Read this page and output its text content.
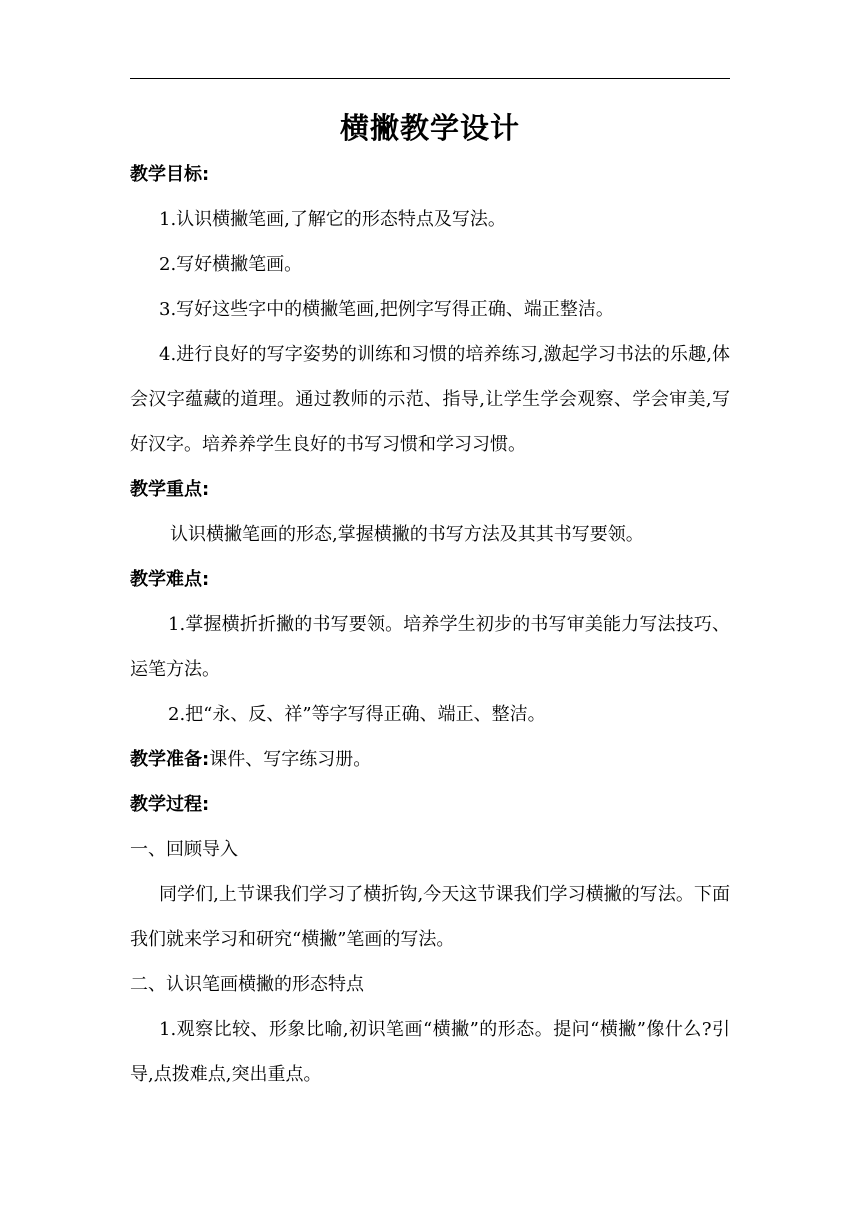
横撇教学设计

教学目标:

1.认识横撇笔画,了解它的形态特点及写法。

2.写好横撇笔画。

3.写好这些字中的横撇笔画,把例字写得正确、端正整洁。

4.进行良好的写字姿势的训练和习惯的培养练习,激起学习书法的乐趣,体会汉字蕴藏的道理。通过教师的示范、指导,让学生学会观察、学会审美,写好汉字。培养养学生良好的书写习惯和学习习惯。

教学重点:

认识横撇笔画的形态,掌握横撇的书写方法及其其书写要领。

教学难点:

1.掌握横折折撇的书写要领。培养学生初步的书写审美能力写法技巧、运笔方法。

2.把“永、反、祥”等字写得正确、端正、整洁。

教学准备:课件、写字练习册。

教学过程:

一、回顾导入

同学们,上节课我们学习了横折钩,今天这节课我们学习横撇的写法。下面我们就来学习和研究“横撇”笔画的写法。

二、认识笔画横撇的形态特点

1.观察比较、形象比喻,初识笔画“横撇”的形态。提问“横撇”像什么?引导,点拨难点,突出重点。
